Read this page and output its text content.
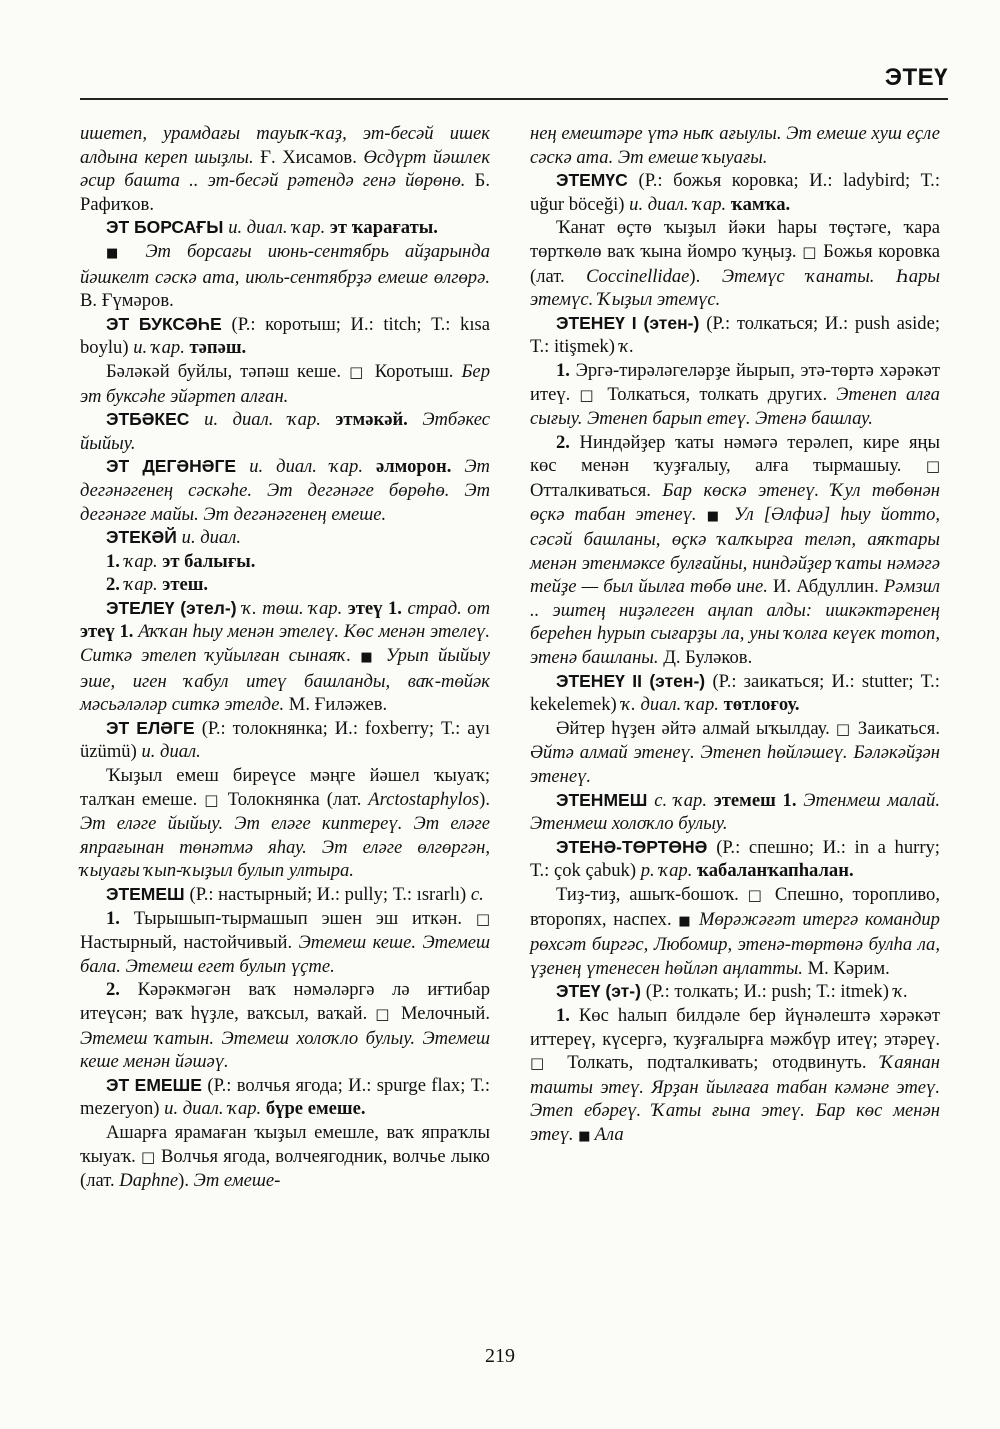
ЭТЕҮ

ишетеп, урамдағы тауыҡ-ҡаҙ, эт-бесәй ишек алдына кереп шыҙлы. Ғ. Хисамов. Өсдүрт йәшлек әсир башта .. эт-бесәй рәтендә генә йөрөнө. Б. Рафиҡов.

ЭТ БОРСАҒЫ и. диал. ҡар. эт ҡарағаты.

■ Эт борсағы июнь-сентябрь айҙарында йәшкелт сәскә ата, июль-сентябрҙә емеше өлгөрә. В. Ғүмәров.

ЭТ БУКСӘҺЕ (Р.: коротыш; И.: titch; Т.: kısa boylu) и. ҡар. тәпәш.

Бәләкәй буйлы, тәпәш кеше. □ Коротыш. Бер эт буксәһе эйәртеп алған.

ЭТБӘКЕС и. диал. ҡар. этмәкәй. Этбәкес йыйыу.

ЭТ ДЕГӘНӘГЕ и. диал. ҡар. әлморон. Эт дегәнәгенең сәскәһе. Эт дегәнәге бөрөһө. Эт дегәнәге майы. Эт дегәнәгенең емеше.

ЭТЕКӘЙ и. диал.

1. ҡар. эт балығы.

2. ҡар. этеш.

ЭТЕЛЕҮ (этел-) ҡ. төш. ҡар. этеү 1. страд. от этеү 1. Аҡҡан һыу менән этелеү. Көс менән этелеү. Ситкә этелеп ҡуйылған сынаяҡ. ■ Урып йыйыу эше, иген ҡабул итеү башланды, ваҡ-төйәк мәсьәләләр ситкә этелде. М. Ғиләжев.

ЭТ ЕЛӘГЕ (Р.: толокнянка; И.: foxberry; Т.: ayı üzümü) и. диал.

Ҡыҙыл емеш биреүсе мәңге йәшел ҡыуаҡ; талҡан емеше. □ Толокнянка (лат. Arctostaphylos). Эт еләге йыйыу. Эт еләге киптереү. Эт еләге япрағынан төнәтмә яһау. Эт еләге өлгөргән, ҡыуағы ҡып-ҡыҙыл булып ултыра.

ЭТЕМЕШ (Р.: настырный; И.: pully; Т.: ısrarlı) с.

1. Тырышып-тырмашып эшен эш иткән. □ Настырный, настойчивый. Этемеш кеше. Этемеш бала. Этемеш егет булып үҫте.

2. Кәрәкмәгән ваҡ нәмәләргә лә иғтибар итеүсән; ваҡ һүҙле, ваҡсыл, ваҡай. □ Мелочный. Этемеш ҡатын. Этемеш холоҡло булыу. Этемеш кеше менән йәшәү.

ЭТ ЕМЕШЕ (Р.: волчья ягода; И.: spurge flax; Т.: mezeryon) и. диал. ҡар. бүре емеше.

Ашарға ярамаған ҡыҙыл емешле, ваҡ япраҡлы ҡыуаҡ. □ Волчья ягода, волчеягодник, волчье лыко (лат. Daphne). Эт емеше-

нең емештәре үтә ныҡ ағыулы. Эт емеше хуш еҫле сәскә ата. Эт емеше ҡыуағы.

ЭТЕМҮС (Р.: божья коровка; И.: ladybird; Т.: uğur böceği) и. диал. ҡар. ҡамҡа.

Ҡанат өҫтө ҡыҙыл йәки һары төҫтәге, ҡара төрткөлө ваҡ ҡына йомро ҡуңыҙ. □ Божья коровка (лат. Coccinellidae). Этемүс ҡанаты. Һары этемүс. Ҡыҙыл этемүс.

ЭТЕНЕҮ I (этен-) (Р.: толкаться; И.: push aside; Т.: itişmek) ҡ.

1. Эргә-тирәләгеләрҙе йырып, этә-төртә хәрәкәт итеү. □ Толкаться, толкать других. Этенеп алға сығыу. Этенеп барып етеү. Этенә башлау.

2. Ниндәйҙер ҡаты нәмәгә терәлеп, кире яңы көс менән ҡуҙғалыу, алға тырмашыу. □ Отталкиваться. Бар көскә этенеү. Ҡул төбөнән өҫкә табан этенеү. ■ Ул [Әлфиә] һыу йотто, сәсәй башланы, өҫкә ҡалҡырға теләп, аяҡтары менән этенмәксе булғайны, ниндәйҙер ҡаты нәмәгә тейҙе — был йылға төбө ине. И. Абдуллин. Рәмзил .. эштең ниҙәлеген аңлап алды: ишкәктәренең береһен һурып сығарҙы ла, уны ҡолға кеүек тотоп, этенә башланы. Д. Буләков.

ЭТЕНЕҮ II (этен-) (Р.: заикаться; И.: stutter; Т.: kekelemek) ҡ. диал. ҡар. төтлоғоу.

Әйтер һүҙен әйтә алмай ыҡылдау. □ Заикаться. Әйтә алмай этенеү. Этенеп һөйләшеү. Бәләкәйҙән этенеү.

ЭТЕНМЕШ с. ҡар. этемеш 1. Этенмеш малай. Этенмеш холоҡло булыу.

ЭТЕНӘ-ТӨРТӨНӘ (Р.: спешно; И.: in a hurry; Т.: çok çabuk) р. ҡар. ҡабаланҡапһалан.

Тиҙ-тиҙ, ашыҡ-бошоҡ. □ Спешно, торопливо, второпях, наспех. ■ Мөрәжәғәт итергә командир рөхсәт биргәс, Любомир, этенә-төртөнә булһа ла, үҙенең үтенесен һөйләп аңлатты. М. Кәрим.

ЭТЕҮ (эт-) (Р.: толкать; И.: push; Т.: itmek) ҡ.

1. Көс һалып билдәле бер йүнәлештә хәрәкәт иттереү, күсергә, ҡуҙғалырға мәжбүр итеү; этәреү. □ Толкать, подталкивать; отодвинуть. Ҡаянан ташты этеү. Ярҙан йылғаға табан кәмәне этеү. Этеп ебәреү. Ҡаты ғына этеү. Бар көс менән этеү. ■ Ала

219
